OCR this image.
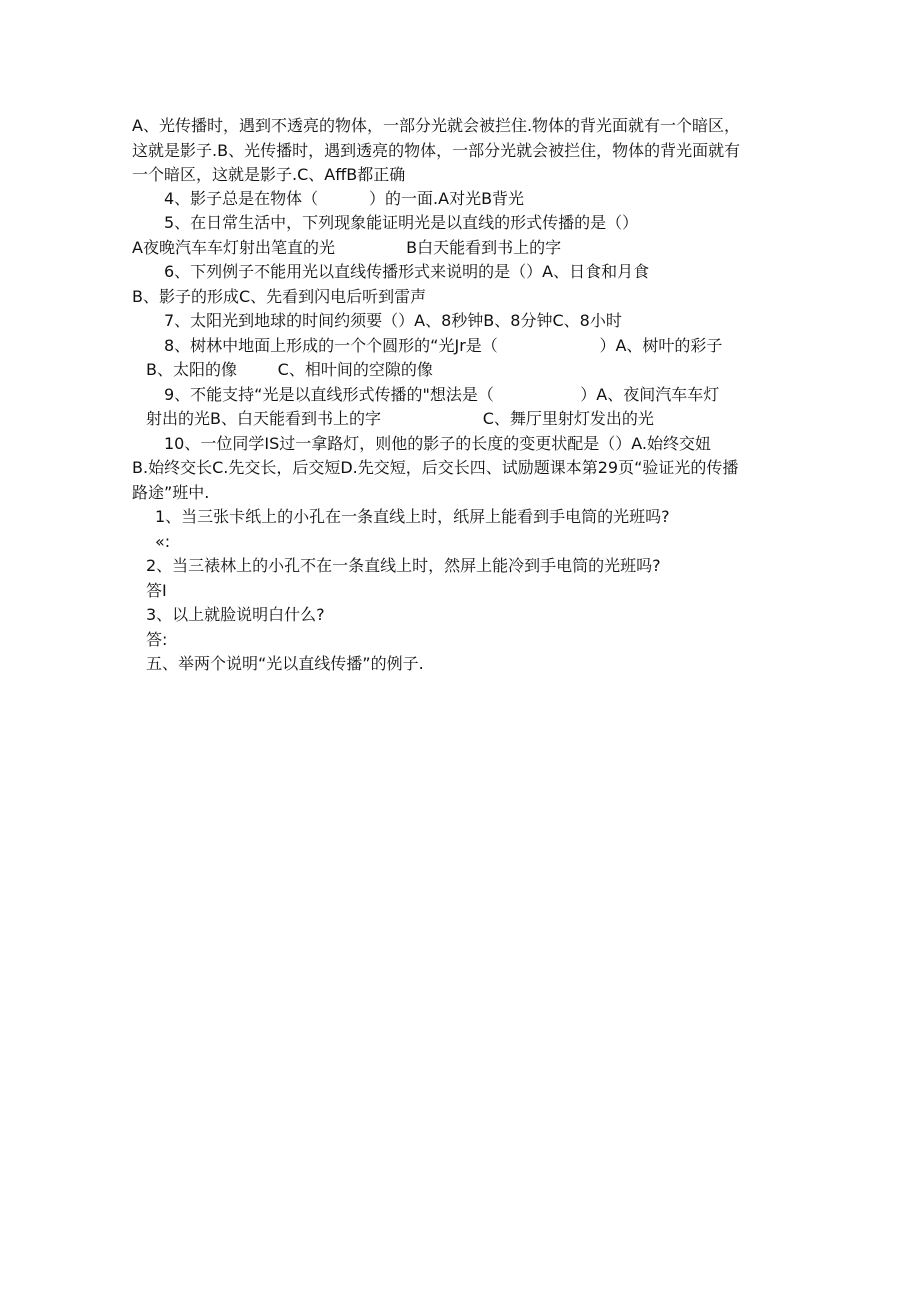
A、光传播时，遇到不透亮的物体，一部分光就会被拦住.物体的背光面就有一个暗区，
这就是影子.B、光传播时，遇到透亮的物体，一部分光就会被拦住，物体的背光面就有
一个暗区，这就是影子.C、AffB都正确
4、影子总是在物体（          ）的一面.A对光B背光
5、在日常生活中，下列现象能证明光是以直线的形式传播的是（）
A夜晚汽车车灯射出笔直的光              B白天能看到书上的字
6、下列例子不能用光以直线传播形式来说明的是（）A、日食和月食
B、影子的形成C、先看到闪电后听到雷声
7、太阳光到地球的时间约须要（）A、8秒钟B、8分钟C、8小时
8、树林中地面上形成的一个个圆形的“光Jr是（                    ）A、树叶的彩子
B、太阳的像        C、相叶间的空隙的像
9、不能支持“光是以直线形式传播的"想法是（                 ）A、夜间汽车车灯
射出的光B、白天能看到书上的字                    C、舞厅里射灯发出的光
10、一位同学IS过一拿路灯，则他的影子的长度的变更状配是（）A.始终交妞
B.始终交长C.先交长，后交短D.先交短，后交长四、试励题课本第29页“验证光的传播
路途”班中.
1、当三张卡纸上的小孔在一条直线上时，纸屏上能看到手电筒的光班吗?
«:
2、当三裱林上的小孔不在一条直线上时，然屏上能冷到手电筒的光班吗?
答I
3、以上就脸说明白什么?
答:
五、举两个说明“光以直线传播”的例子.
